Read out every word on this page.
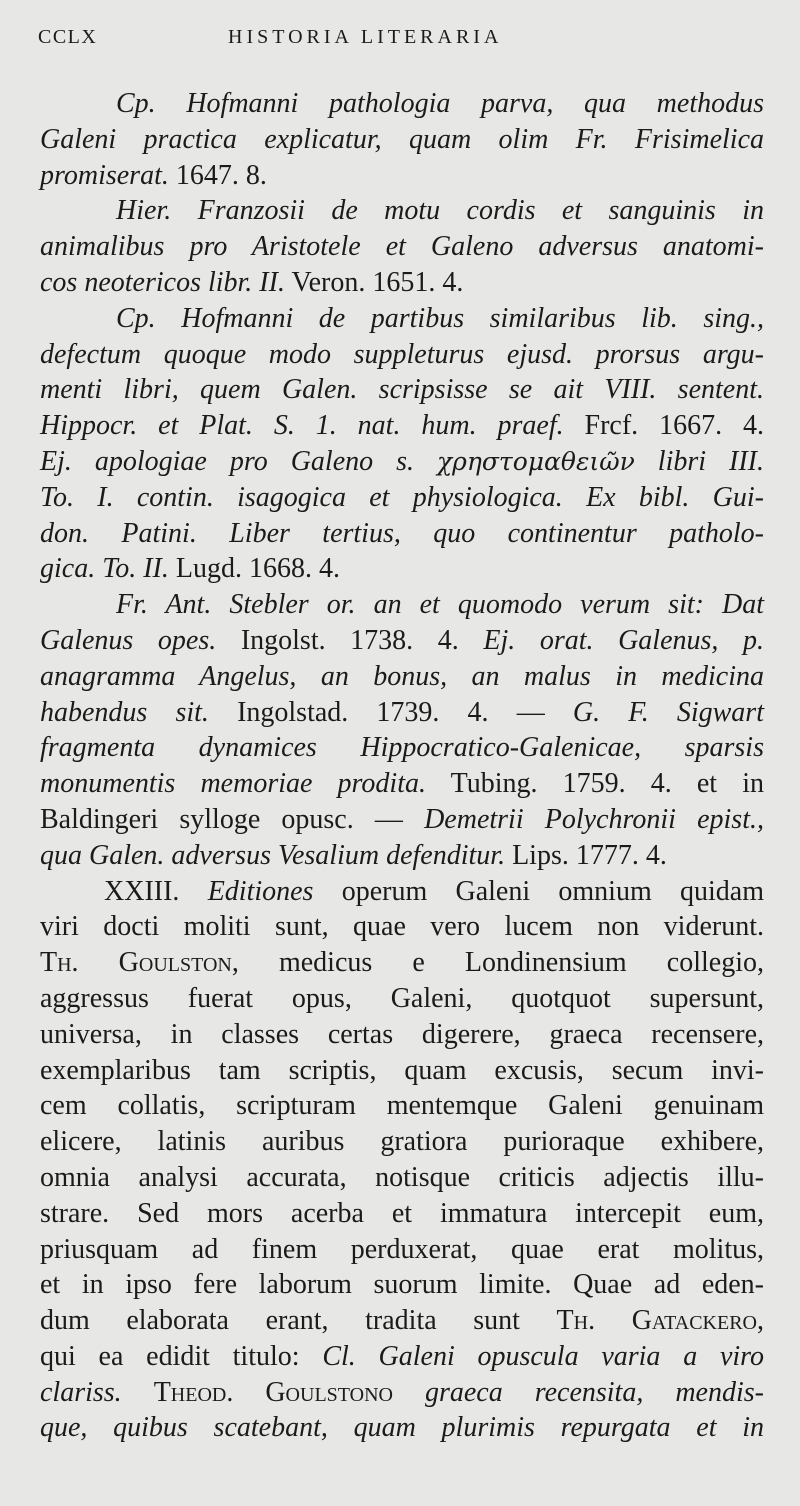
CCLX	HISTORIA LITERARIA
Cp. Hofmanni pathologia parva, qua methodus
Galeni practica explicatur, quam olim Fr. Frisimelica
promiserat. 1647. 8.
Hier. Franzosii de motu cordis et sanguinis in
animalibus pro Aristotele et Galeno adversus anatomi-
cos neotericos libr. II. Veron. 1651. 4.
Cp. Hofmanni de partibus similaribus lib. sing.,
defectum quoque modo suppleturus ejusd. prorsus argu-
menti libri, quem Galen. scripsisse se ait VIII. sentent.
Hippocr. et Plat. S. 1. nat. hum. praef. Frcf. 1667. 4.
Ej. apologiae pro Galeno s. χρηστομαθειῶν libri III.
To. I. contin. isagogica et physiologica. Ex bibl. Gui-
don. Patini. Liber tertius, quo continentur patholo-
gica. To. II. Lugd. 1668. 4.
Fr. Ant. Stebler or. an et quomodo verum sit: Dat
Galenus opes. Ingolst. 1738. 4. Ej. orat. Galenus, p.
anagramma Angelus, an bonus, an malus in medicina
habendus sit. Ingolstad. 1739. 4. — G. F. Sigwart
fragmenta dynamices Hippocratico-Galenicae, sparsis
monumentis memoriae prodita. Tubing. 1759. 4. et in
Baldingeri sylloge opusc. — Demetrii Polychronii epist.,
qua Galen. adversus Vesalium defenditur. Lips. 1777. 4.
XXIII. Editiones operum Galeni omnium quidam
viri docti moliti sunt, quae vero lucem non viderunt.
Th. Goulston, medicus e Londinensium collegio,
aggressus fuerat opus, Galeni, quotquot supersunt,
universa, in classes certas digerere, graeca recensere,
exemplaribus tam scriptis, quam excusis, secum invi-
cem collatis, scripturam mentemque Galeni genuinam
elicere, latinis auribus gratiora purioraque exhibere,
omnia analysi accurata, notisque criticis adjectis illu-
strare. Sed mors acerba et immatura intercepit eum,
priusquam ad finem perduxerat, quae erat molitus,
et in ipso fere laborum suorum limite. Quae ad eden-
dum elaborata erant, tradita sunt Th. Gatackero,
qui ea edidit titulo: Cl. Galeni opuscula varia a viro
clariss. Theod. Goulstono graeca recensita, mendis-
que, quibus scatebant, quam plurimis repurgata et in
